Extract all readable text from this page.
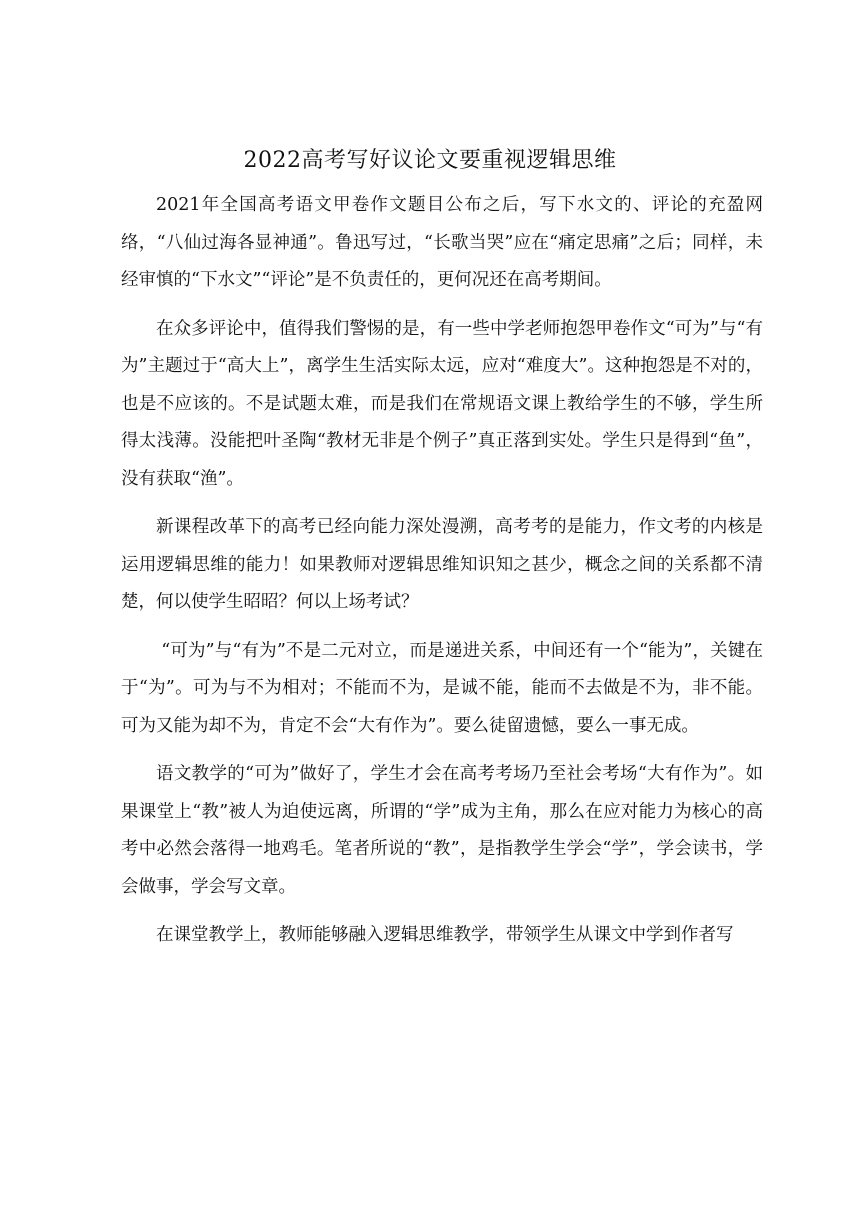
2022高考写好议论文要重视逻辑思维

2021年全国高考语文甲卷作文题目公布之后，写下水文的、评论的充盈网络，“八仙过海各显神通”。鲁迅写过，“长歌当哭”应在“痛定思痛”之后；同样，未经审慎的“下水文”“评论”是不负责任的，更何况还在高考期间。

在众多评论中，值得我们警惕的是，有一些中学老师抱怨甲卷作文“可为”与“有为”主题过于“高大上”，离学生生活实际太远，应对“难度大”。这种抱怨是不对的，也是不应该的。不是试题太难，而是我们在常规语文课上教给学生的不够，学生所得太浅薄。没能把叶圣陶“教材无非是个例子”真正落到实处。学生只是得到“鱼”，没有获取“渔”。

新课程改革下的高考已经向能力深处漫溯，高考考的是能力，作文考的内核是运用逻辑思维的能力！如果教师对逻辑思维知识知之甚少，概念之间的关系都不清楚，何以使学生昭昭？何以上场考试？

“可为”与“有为”不是二元对立，而是递进关系，中间还有一个“能为”，关键在于“为”。可为与不为相对；不能而不为，是诚不能，能而不去做是不为，非不能。可为又能为却不为，肯定不会“大有作为”。要么徒留遗憾，要么一事无成。

语文教学的“可为”做好了，学生才会在高考考场乃至社会考场“大有作为”。如果课堂上“教”被人为迫使远离，所谓的“学”成为主角，那么在应对能力为核心的高考中必然会落得一地鸡毛。笔者所说的“教”，是指教学生学会“学”，学会读书，学会做事，学会写文章。

在课堂教学上，教师能够融入逻辑思维教学，带领学生从课文中学到作者写
